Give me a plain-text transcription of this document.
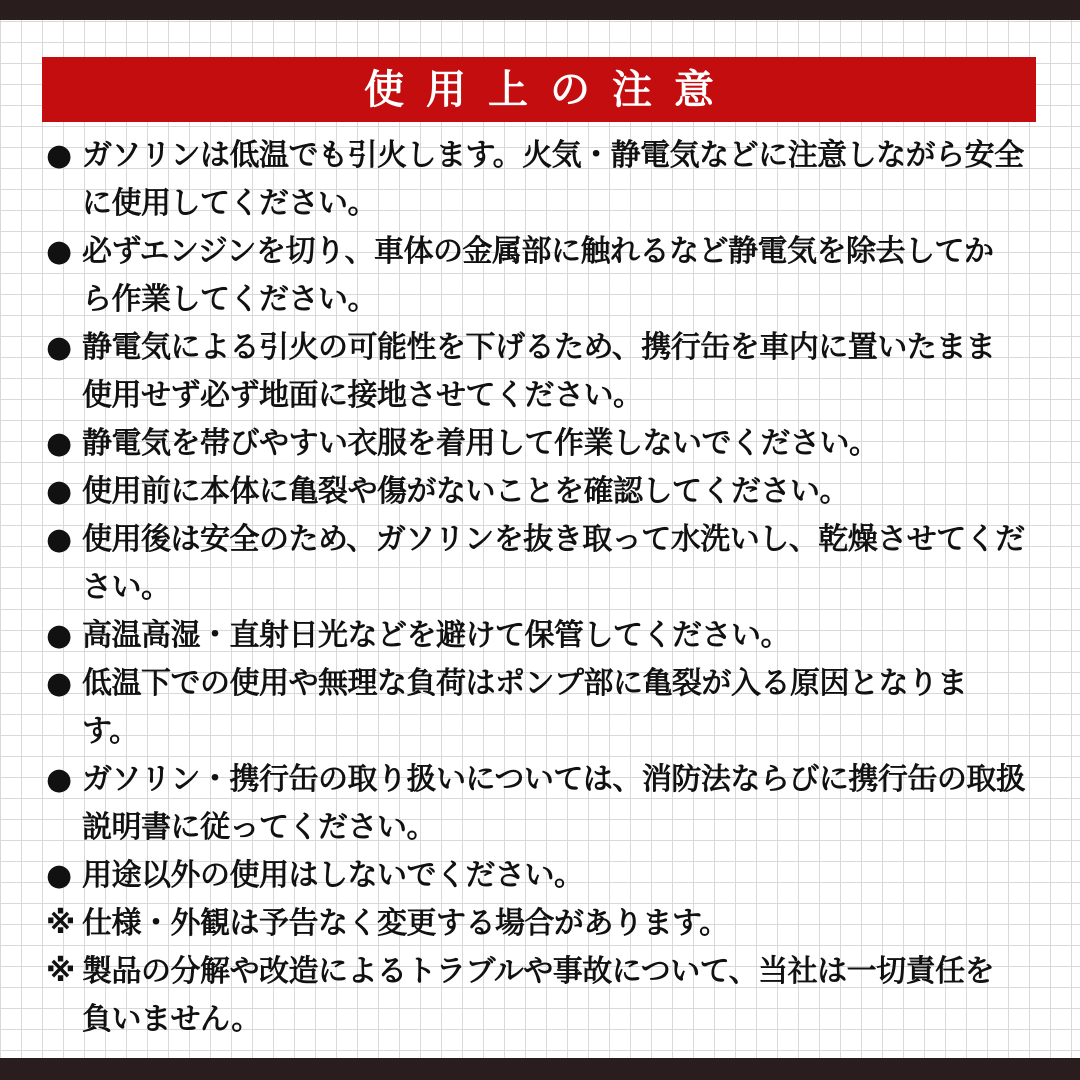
使用上の注意
● ガソリンは低温でも引火します。火気・静電気などに注意しながら安全
に使用してください。
● 必ずエンジンを切り、車体の金属部に触れるなど静電気を除去してか
ら作業してください。
● 静電気による引火の可能性を下げるため、携行缶を車内に置いたまま
使用せず必ず地面に接地させてください。
● 静電気を帯びやすい衣服を着用して作業しないでください。
● 使用前に本体に亀裂や傷がないことを確認してください。
● 使用後は安全のため、ガソリンを抜き取って水洗いし、乾燥させてくだ
さい。
● 高温高湿・直射日光などを避けて保管してください。
● 低温下での使用や無理な負荷はポンプ部に亀裂が入る原因となりま
す。
● ガソリン・携行缶の取り扱いについては、消防法ならびに携行缶の取扱
説明書に従ってください。
● 用途以外の使用はしないでください。
※ 仕様・外観は予告なく変更する場合があります。
※ 製品の分解や改造によるトラブルや事故について、当社は一切責任を
負いません。
